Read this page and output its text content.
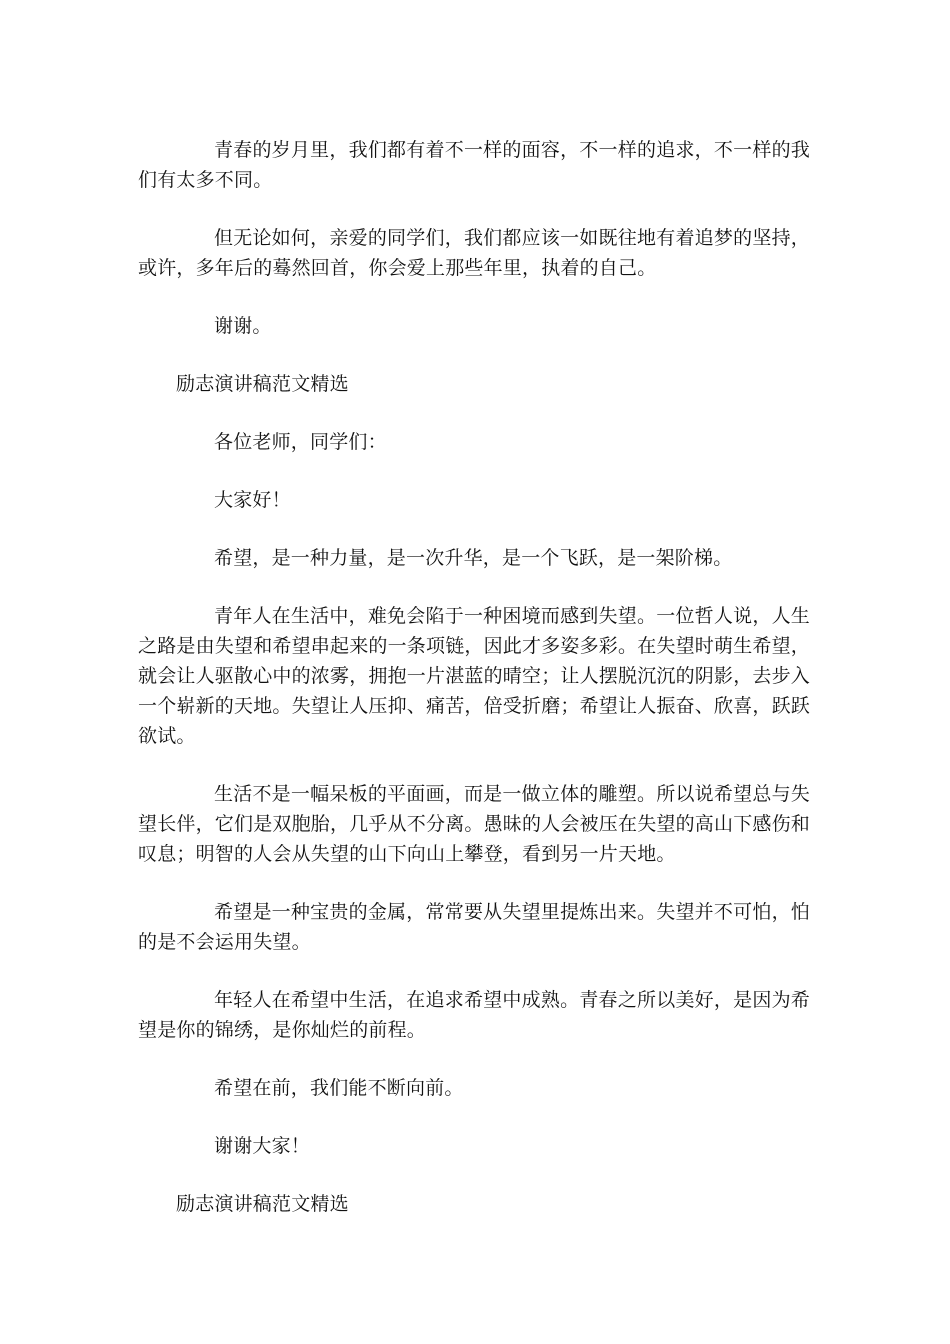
青春的岁月里，我们都有着不一样的面容，不一样的追求，不一样的我们有太多不同。

但无论如何，亲爱的同学们，我们都应该一如既往地有着追梦的坚持，或许，多年后的蓦然回首，你会爱上那些年里，执着的自己。

谢谢。

励志演讲稿范文精选

各位老师，同学们：

大家好！

希望，是一种力量，是一次升华，是一个飞跃，是一架阶梯。

青年人在生活中，难免会陷于一种困境而感到失望。一位哲人说，人生之路是由失望和希望串起来的一条项链，因此才多姿多彩。在失望时萌生希望，就会让人驱散心中的浓雾，拥抱一片湛蓝的晴空；让人摆脱沉沉的阴影，去步入一个崭新的天地。失望让人压抑、痛苦，倍受折磨；希望让人振奋、欣喜，跃跃欲试。

生活不是一幅呆板的平面画，而是一做立体的雕塑。所以说希望总与失望长伴，它们是双胞胎，几乎从不分离。愚昧的人会被压在失望的高山下感伤和叹息；明智的人会从失望的山下向山上攀登，看到另一片天地。

希望是一种宝贵的金属，常常要从失望里提炼出来。失望并不可怕，怕的是不会运用失望。

年轻人在希望中生活，在追求希望中成熟。青春之所以美好，是因为希望是你的锦绣，是你灿烂的前程。

希望在前，我们能不断向前。

谢谢大家！

励志演讲稿范文精选
